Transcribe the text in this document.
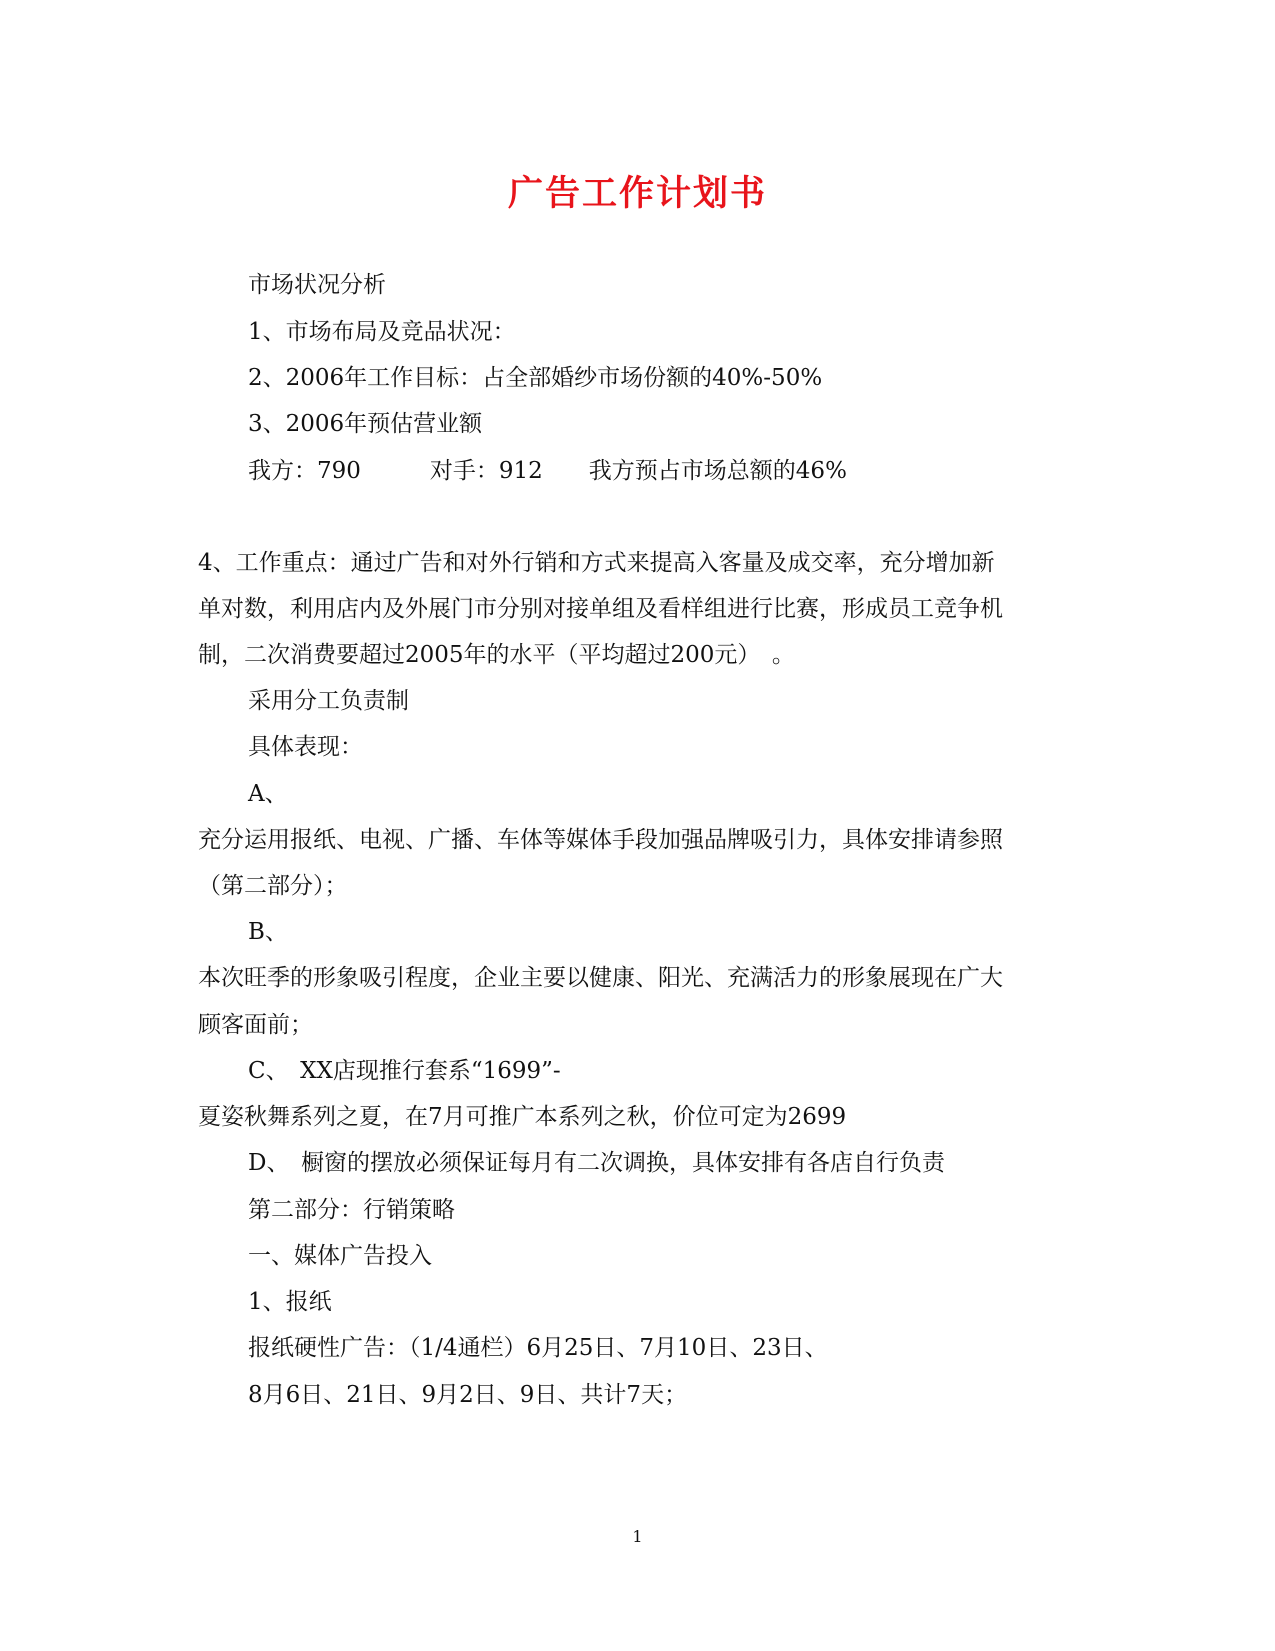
广告工作计划书
市场状况分析
1、市场布局及竞品状况：
2、2006年工作目标：占全部婚纱市场份额的40%-50%
3、2006年预估营业额
我方：790　　　对手：912　　我方预占市场总额的46%
4、工作重点：通过广告和对外行销和方式来提高入客量及成交率，充分增加新
单对数，利用店内及外展门市分别对接单组及看样组进行比赛，形成员工竞争机
制，二次消费要超过2005年的水平（平均超过200元）　。
采用分工负责制
具体表现：
A、
充分运用报纸、电视、广播、车体等媒体手段加强品牌吸引力，具体安排请参照
（第二部分）；
B、
本次旺季的形象吸引程度，企业主要以健康、阳光、充满活力的形象展现在广大
顾客面前；
C、　XX店现推行套系“1699”-
夏姿秋舞系列之夏，在7月可推广本系列之秋，价位可定为2699
D、　橱窗的摆放必须保证每月有二次调换，具体安排有各店自行负责
第二部分：行销策略
一、媒体广告投入
1、报纸
报纸硬性广告：（1/4通栏）6月25日、7月10日、23日、
8月6日、21日、9月2日、9日、共计7天；
1
